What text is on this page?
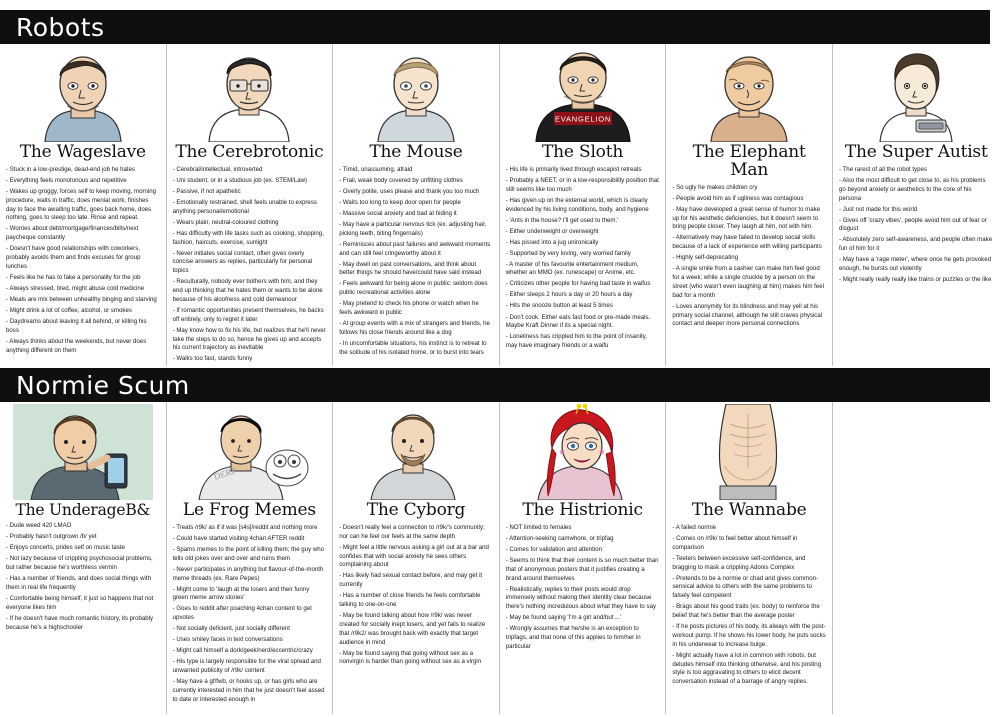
Robots
The Wageslave
- Stuck in a low-prestige, dead-end job he hates
- Everything feels monotonous and repetitive
- Wakes up groggy, forces self to keep moving, morning procedure, waits in traffic, does menial work, finishes day to face the awaiting traffic, goes back home, does nothing, goes to sleep too late. Rinse and repeat.
- Worries about debt/mortgage/finances/bills/next paycheque constantly
- Doesn't have good relationships with coworkers, probably avoids them and finds excuses for group lunches
- Feels like he has to fake a personality for the job
- Always stressed, tired, might abuse cold medicine
- Meals are mix between unhealthy binging and starving
- Might drink a lot of coffee, alcohol, or smokes
- Daydreams about leaving it all behind, or killing his boss
- Always thinks about the weekends, but never does anything different on them
The Cerebrotonic
- Cerebral/intellectual, introverted
- Uni student, or in a studious job (ex. STEM/Law)
- Passive, if not apathetic
- Emotionally restrained, shell feels unable to express anything personal/emotional
- Wears plain, neutral-coloured clothing
- Has difficulty with life tasks such as cooking, shopping, fashion, haircuts, exercise, sunlight
- Never initiates social contact, often gives overly concise answers as replies, particularly for personal topics
- Reculturally, nobody ever bothers with him, and they end up thinking that he hates them or wants to be alone because of his aloofness and cold demeanour
- If romantic opportunities present themselves, he backs off entirely, only to regret it later
- May know how to fix his life, but realizes that he'll never take the steps to do so, hence he gives up and accepts his current trajectory as inevitable
- Walks too fast, stands funny
The Mouse
- Timid, unassuming, afraid
- Frail, weak body covered by unfitting clothes
- Overly polite, uses please and thank you too much
- Waits too long to keep door open for people
- Massive social anxiety and bad at hiding it
- May have a particular nervous tick (ex. adjusting hair, picking teeth, biting fingernails)
- Reminisces about past failures and awkward moments and can still feel cringeworthy about it
- May dwell on past conversations, and think about better things he should have/could have said instead
- Feels awkward for being alone in public: seldom does public recreational activities alone
- May pretend to check his phone or watch when he feels awkward in public
- At group events with a mix of strangers and friends, he follows his close friends around like a dog
- In uncomfortable situations, his instinct is to retreat to the solitude of his isolated home, or to burst into tears
EVANGELION
The Sloth
- His life is primarily lived through escapist retreats
- Probably a NEET, or in a low-responsibility position that still seems like too much
- Has given up on the external world, which is clearly evidenced by his living conditions, body, and hygiene
- 'Ants in the house? I'll get used to them.'
- Either underweight or overweight
- Has pissed into a jug unironically
- Supported by very loving, very worried family
- A master of his favourite entertainment medium, whether an MMO (ex. runescape) or Anime, etc.
- Criticizes other people for having bad taste in waifus
- Either sleeps 2 hours a day or 20 hours a day
- Hits the snooze button at least 5 times
- Don't cook. Either eats fast food or pre-made meals. Maybe Kraft Dinner if its a special night.
- Loneliness has crippled him to the point of insanity, may have imaginary friends or a waifu
The Elephant Man
- So ugly he makes children cry
- People avoid him as if ugliness was contagious
- May have developed a great sense of humor to make up for his aesthetic deficiencies, but it doesn't seem to bring people closer. They laugh at him, not with him.
- Alternatively may have failed to develop social skills because of a lack of experience with willing participants
- Highly self-deprecating
- A single smile from a cashier can make him feel good for a week; while a single chuckle by a person on the street (who wasn't even laughing at him) makes him feel bad for a month
- Loves anonymity for its blindness and may yell at his primary social channel, although he still craves physical contact and deeper more personal connections
The Super Autist
- The rarest of all the robot types
- Also the most difficult to get close to, as his problems go beyond anxiety or aesthetics to the core of his persona
- Just not made for this world
- Gives off 'crazy vibes', people avoid him out of fear or disgust
- Absolutely zero self-awareness, and people often make fun of him for it
- May have a 'rage meter', where once he gets provoked enough, he bursts out violently
- Might really really really like trains or puzzles or the like
Normie Scum
The UnderageB&
- Dude weed 420 LMAO
- Probably hasn't outgrown /b/ yet
- Enjoys concerts, prides self on music taste
- Not lazy because of crippling psychosocial problems, but rather because he's worthless vermin
- Has a number of friends, and does social things with them in real life frequently
- Comfortable being himself, it just so happens that not everyone likes him
- If he doesn't have much romantic history, its probably because he's a highschooler
DERP
Le Frog Memes
- Treats /r9k/ as if it was [s4s]/reddit and nothing more
- Could have started visiting 4chan AFTER reddit
- Spams memes to the point of killing them; the guy who tells old jokes over and over and ruins them
- Never participates in anything but flavour-of-the-month meme threads (ex. Rare Pepes)
- Might come to 'laugh at the losers and their funny green meme arrow stories'
- Goes to reddit after poaching 4chan content to get upvotes
- Not socially deficient, just socially different
- Uses smiley faces in text conversations
- Might call himself a dork/geek/nerd/eccentric/crazy
- His type is largely responsible for the viral spread and unwanted publicity of /r9k/ content
- May have a gf/fwb, or hooks up, or has girls who are currently interested in him that he just doesn't feel assed to date or interested enough in
The Cyborg
- Doesn't really feel a connection to /r9k/'s community; nor can he feel our feels at the same depth
- Might feel a little nervous asking a girl out at a bar and confides that with social anxiety he sees others complaining about
- Has likely had sexual contact before, and may get it currently
- Has a number of close friends he feels comfortable talking to one-on-one
- May be found talking about how /r9k/ was never created for socially inept losers, and yet fails to realize that /r9k2/ was brought back with exactly that target audience in mind
- May be found saying that going without sex as a nonvirgin is harder than going without sex as a virgin
The Histrionic
- NOT limited to females
- Attention-seeking camwhore, or tripfag
- Comes for validation and attention
- Seems to think that their content is so much better than that of anonymous posters that it justifies creating a brand around themselves
- Realistically, replies to their posts would drop immensely without making their identity clear because there's nothing incredulous about what they have to say
- May be found saying 'I'm a girl and/but ...'
- Wrongly assumes that he/she is an exception to tripfags, and that none of this applies to him/her in particular
The Wannabe
- A failed normie
- Comes on /r9k/ to feel better about himself in comparison
- Teeters between excessive self-confidence, and bragging to mask a crippling Adonis Complex
- Pretends to be a normie or chad and gives common-sensical advice to others with the same problems to falsely feel competent
- Brags about his good traits (ex. body) to reinforce the belief that he's better than the average poster
- If he posts pictures of his body, its always with the post-workout pump. If he shows his lower body, he puts socks in his underwear to increase bulge.
- Might actually have a lot in common with robots, but deludes himself into thinking otherwise, and his posting style is too aggravating to others to elicit decent conversation instead of a barrage of angry replies.
